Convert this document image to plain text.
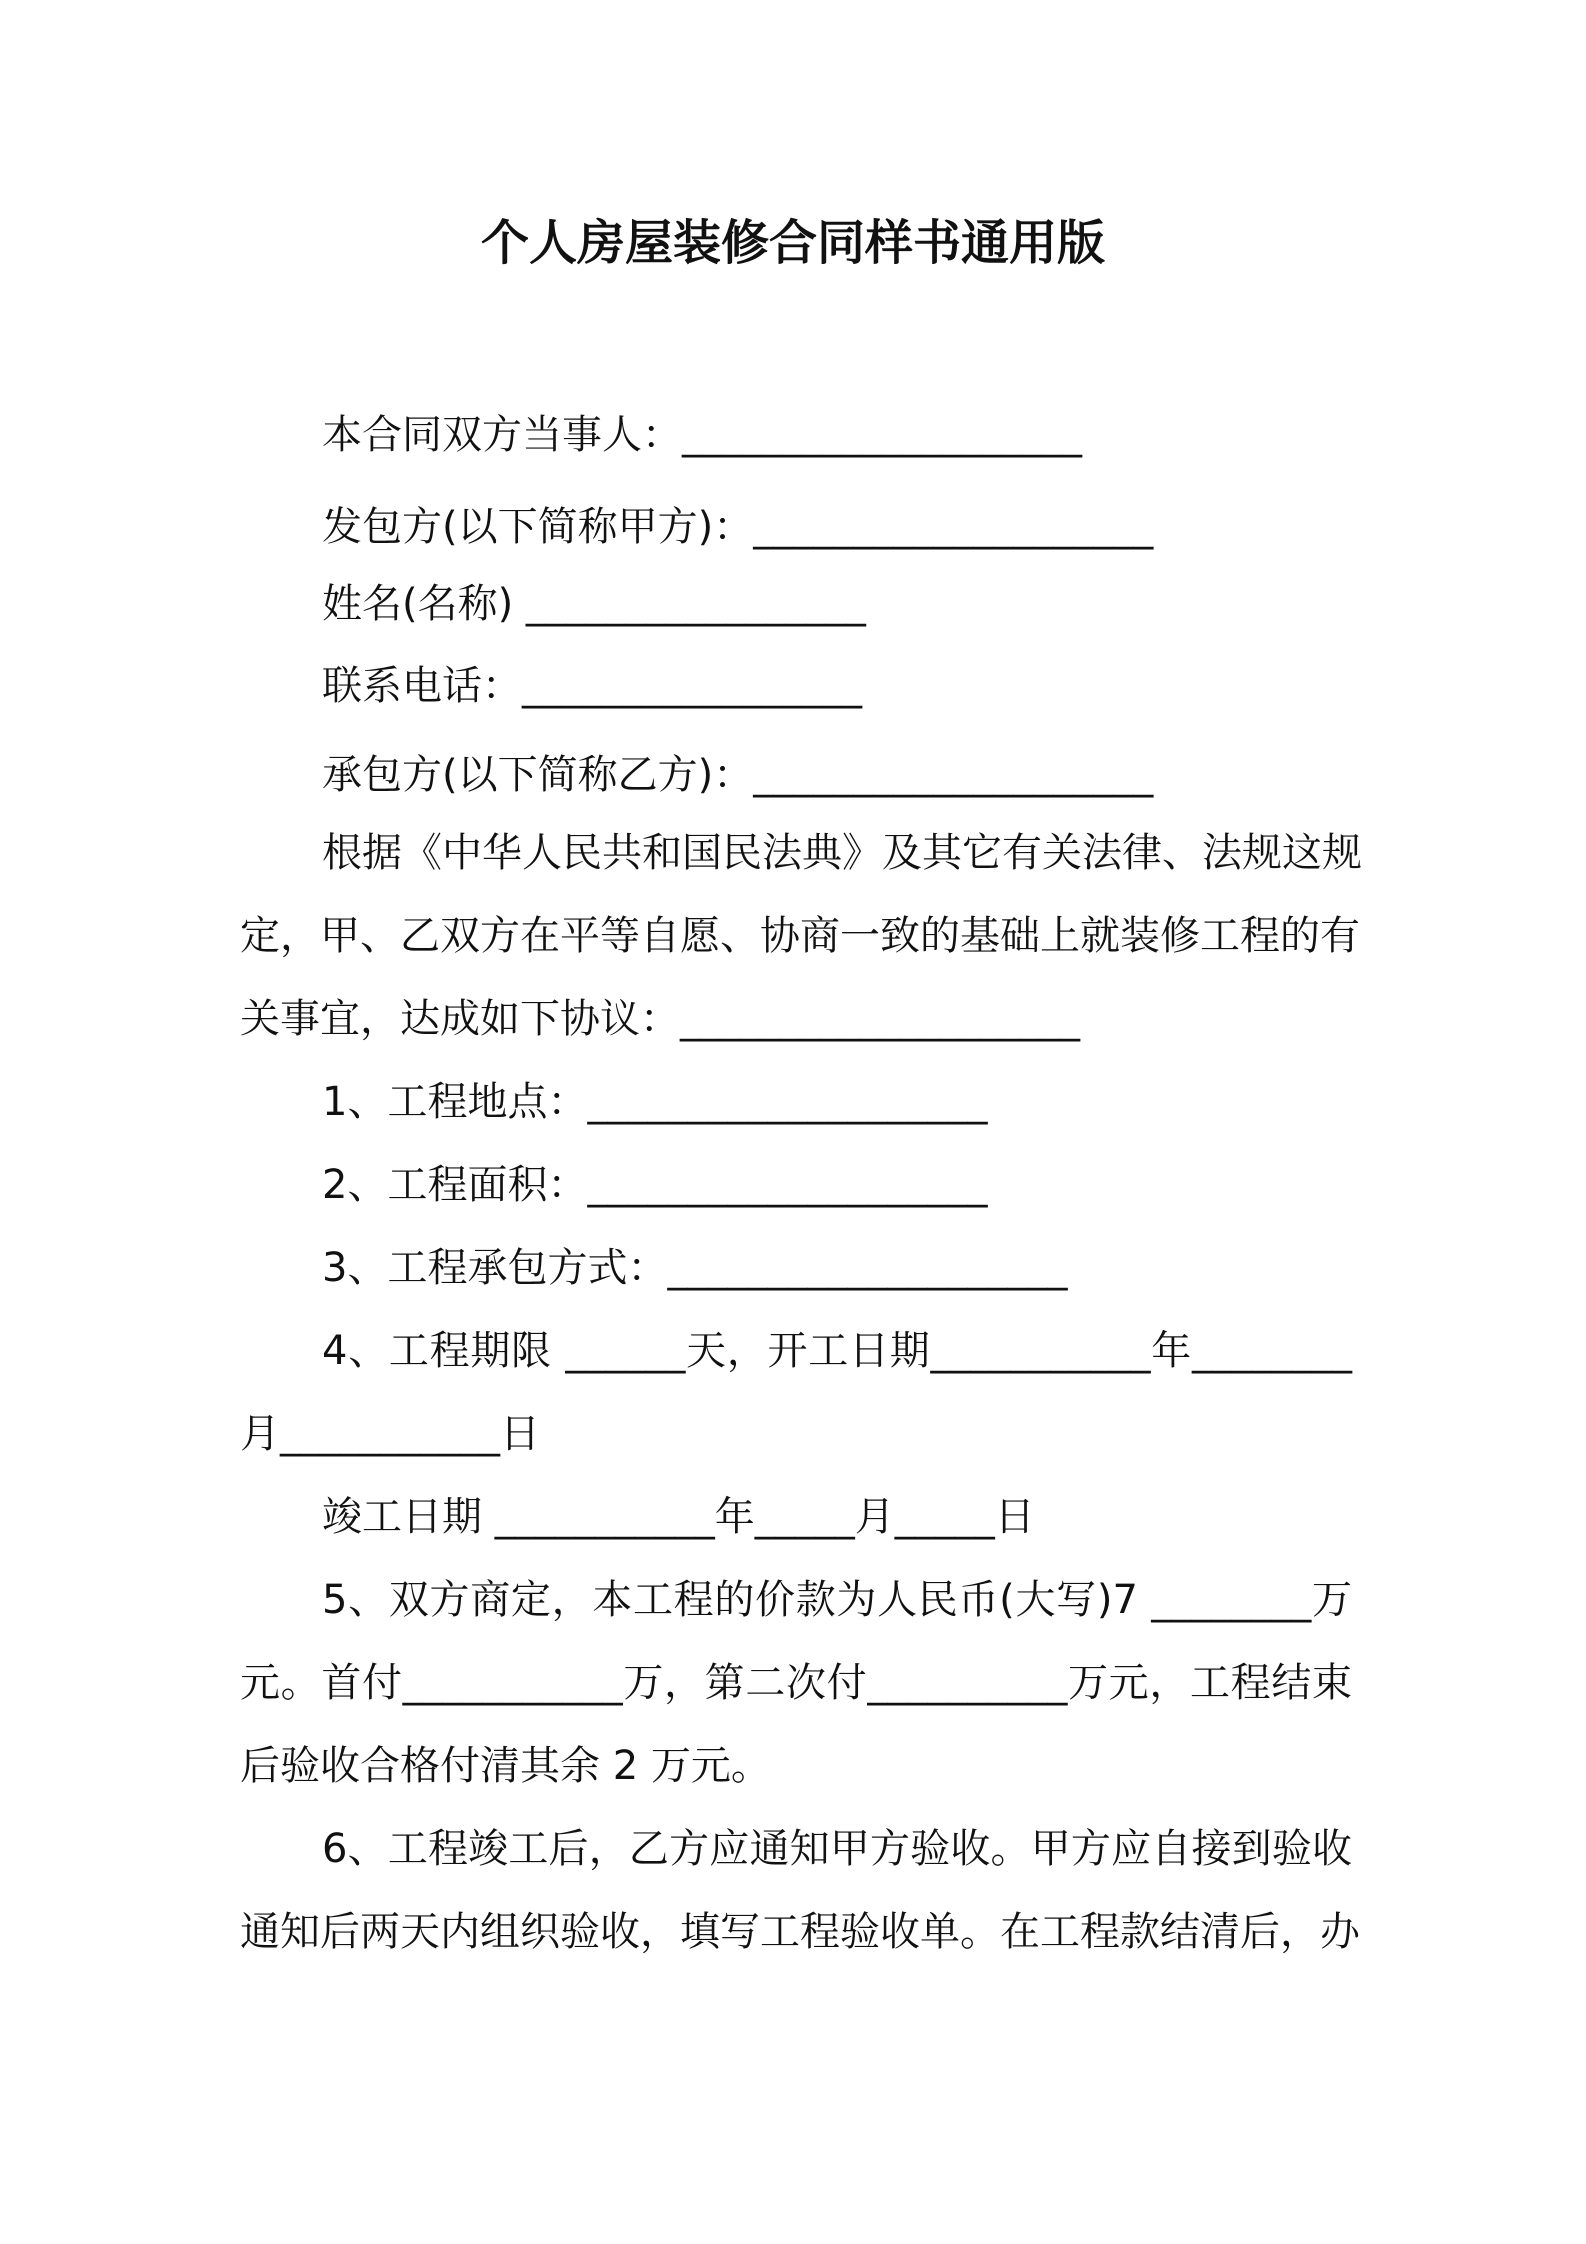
个人房屋装修合同样书通用版

本合同双方当事人：____________________

发包方(以下简称甲方)：____________________

姓名(名称) _________________

联系电话：_________________

承包方(以下简称乙方)：____________________

根据《中华人民共和国民法典》及其它有关法律、法规这规

定，甲、乙双方在平等自愿、协商一致的基础上就装修工程的有

关事宜，达成如下协议：____________________

1、工程地点：____________________

2、工程面积：____________________

3、工程承包方式：____________________

4、工程期限 ______天，开工日期___________年________

月___________日

竣工日期 ___________年_____月_____日

5、双方商定，本工程的价款为人民币(大写)7 ________万

元。首付___________万，第二次付__________万元，工程结束

后验收合格付清其余 2 万元。

6、工程竣工后，乙方应通知甲方验收。甲方应自接到验收

通知后两天内组织验收，填写工程验收单。在工程款结清后，办
